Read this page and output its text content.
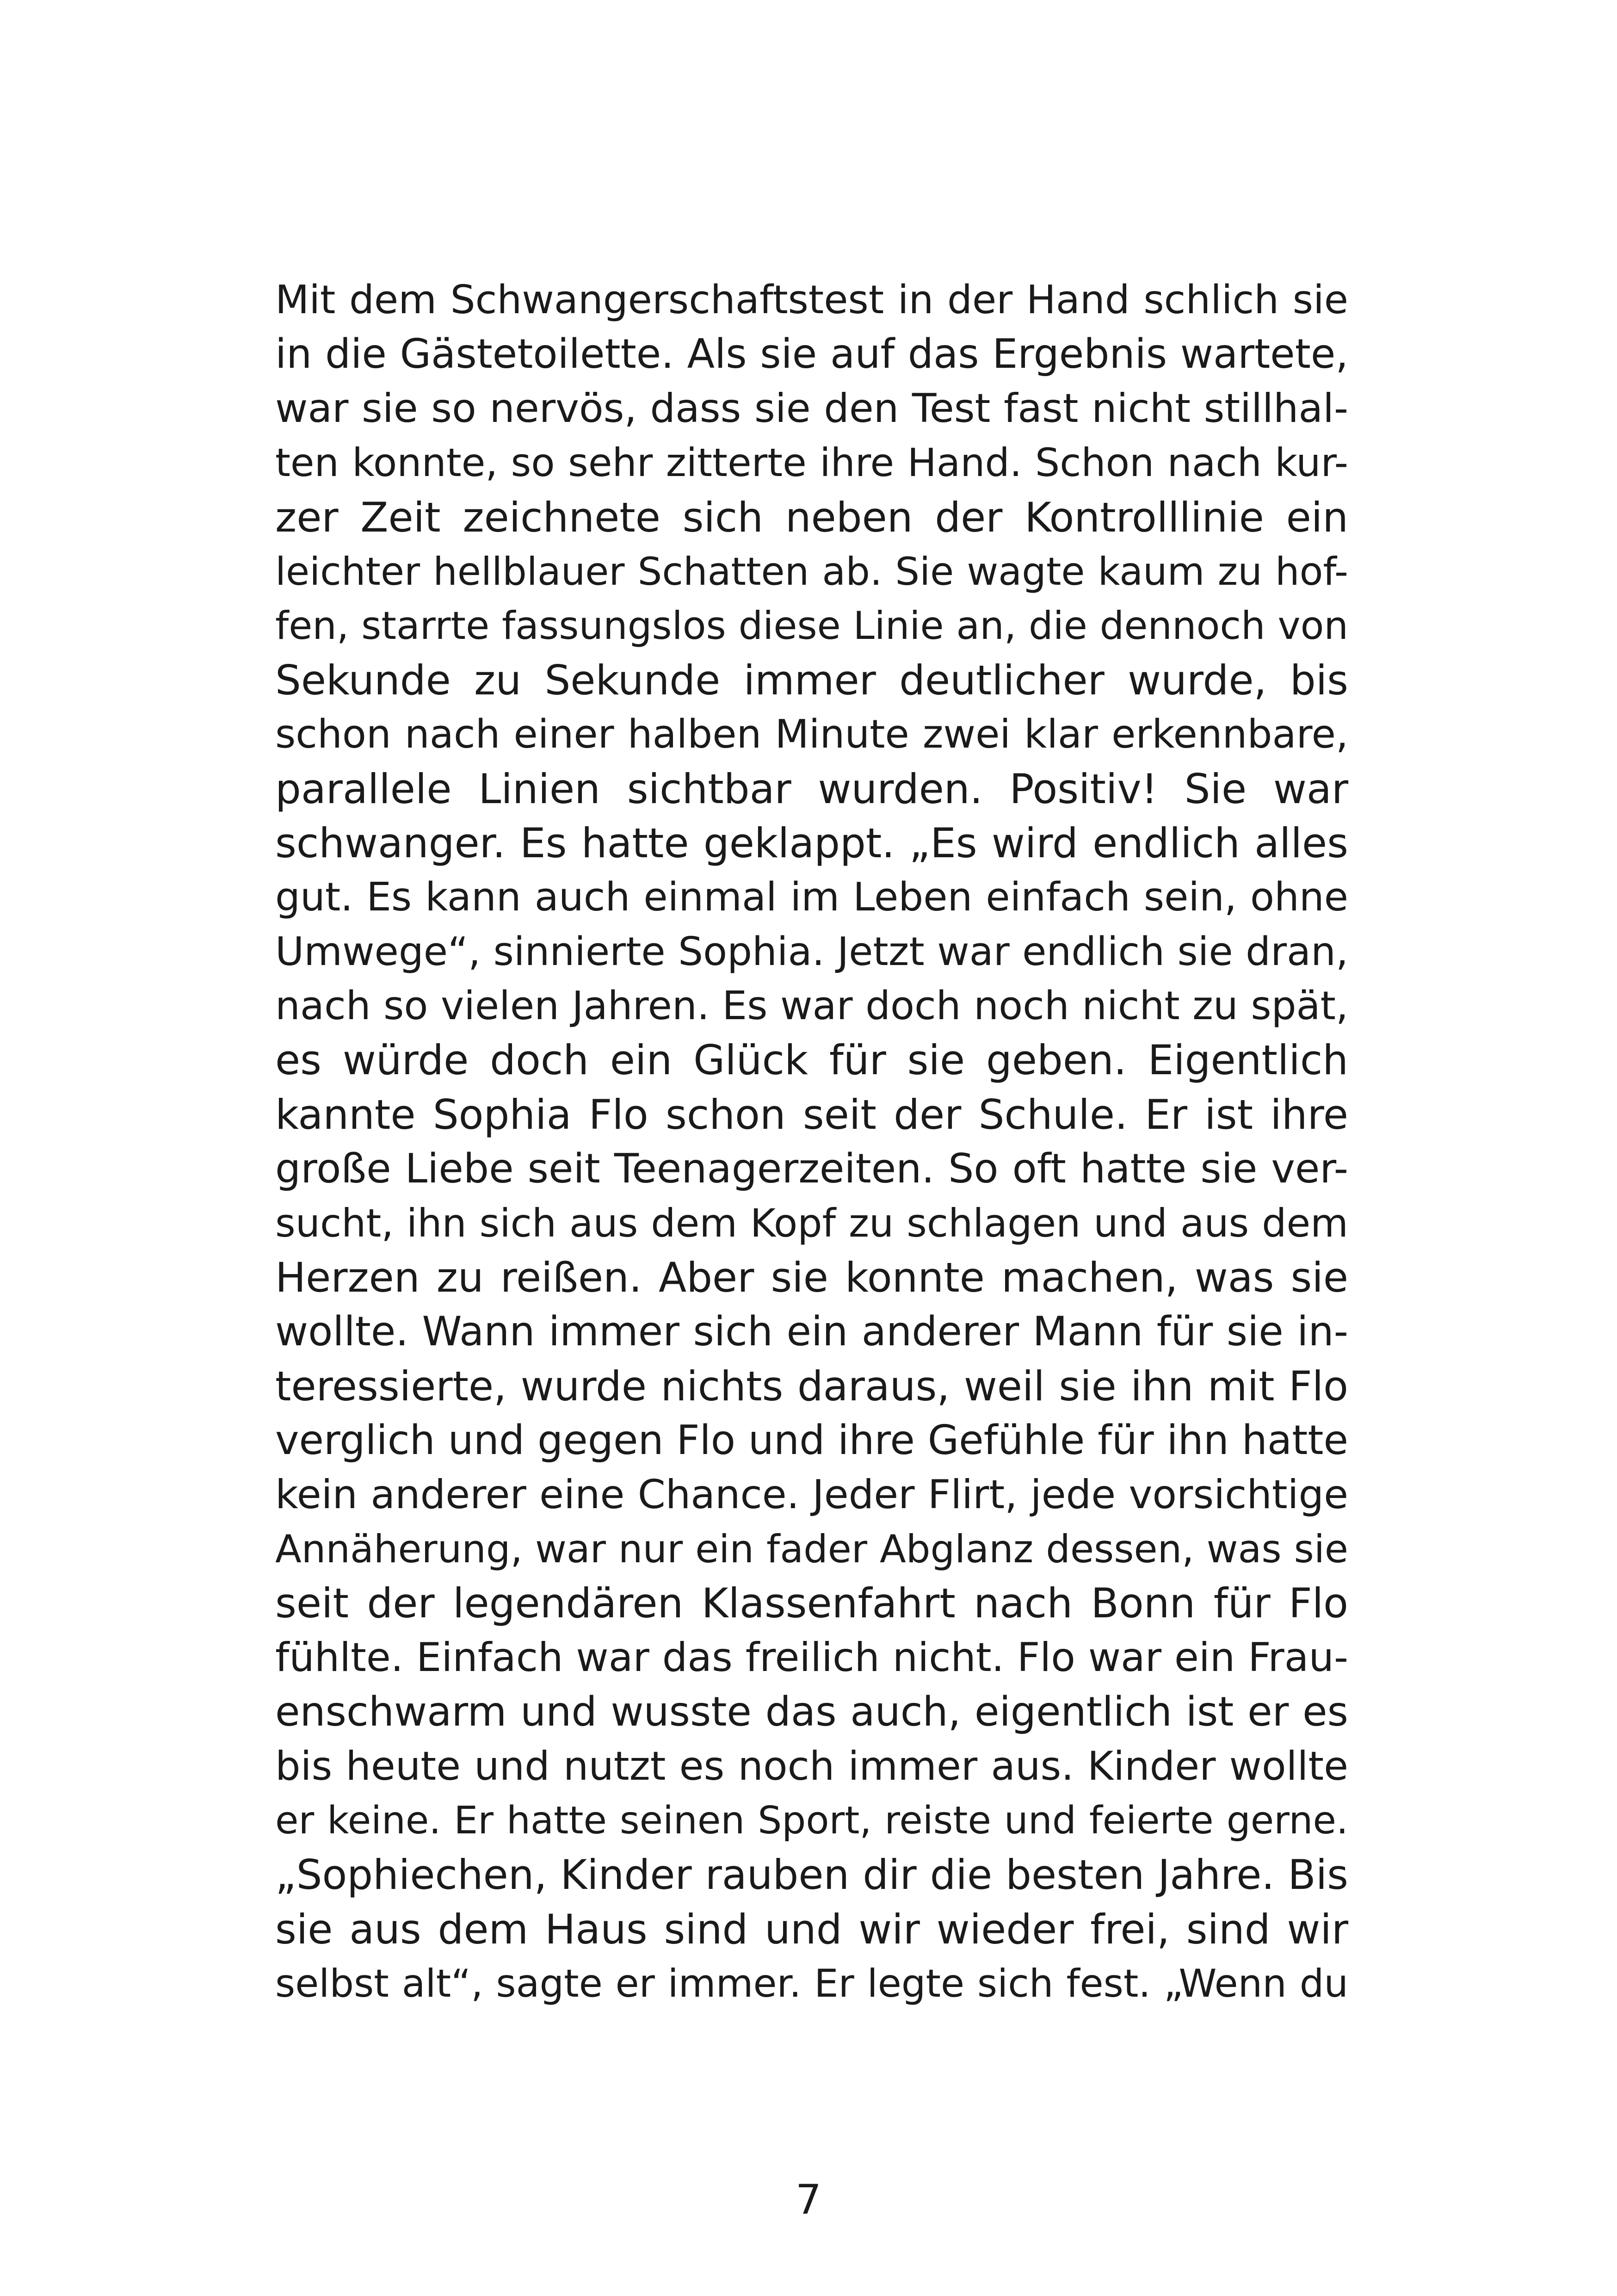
Mit dem Schwangerschaftstest in der Hand schlich sie
in die Gästetoilette. Als sie auf das Ergebnis wartete,
war sie so nervös, dass sie den Test fast nicht stillhal-
ten konnte, so sehr zitterte ihre Hand. Schon nach kur-
zer Zeit zeichnete sich neben der Kontrolllinie ein
leichter hellblauer Schatten ab. Sie wagte kaum zu hof-
fen, starrte fassungslos diese Linie an, die dennoch von
Sekunde zu Sekunde immer deutlicher wurde, bis
schon nach einer halben Minute zwei klar erkennbare,
parallele Linien sichtbar wurden. Positiv! Sie war
schwanger. Es hatte geklappt. „Es wird endlich alles
gut. Es kann auch einmal im Leben einfach sein, ohne
Umwege“, sinnierte Sophia. Jetzt war endlich sie dran,
nach so vielen Jahren. Es war doch noch nicht zu spät,
es würde doch ein Glück für sie geben. Eigentlich
kannte Sophia Flo schon seit der Schule. Er ist ihre
große Liebe seit Teenagerzeiten. So oft hatte sie ver-
sucht, ihn sich aus dem Kopf zu schlagen und aus dem
Herzen zu reißen. Aber sie konnte machen, was sie
wollte. Wann immer sich ein anderer Mann für sie in-
teressierte, wurde nichts daraus, weil sie ihn mit Flo
verglich und gegen Flo und ihre Gefühle für ihn hatte
kein anderer eine Chance. Jeder Flirt, jede vorsichtige
Annäherung, war nur ein fader Abglanz dessen, was sie
seit der legendären Klassenfahrt nach Bonn für Flo
fühlte. Einfach war das freilich nicht. Flo war ein Frau-
enschwarm und wusste das auch, eigentlich ist er es
bis heute und nutzt es noch immer aus. Kinder wollte
er keine. Er hatte seinen Sport, reiste und feierte gerne.
„Sophiechen, Kinder rauben dir die besten Jahre. Bis
sie aus dem Haus sind und wir wieder frei, sind wir
selbst alt“, sagte er immer. Er legte sich fest. „Wenn du
7
